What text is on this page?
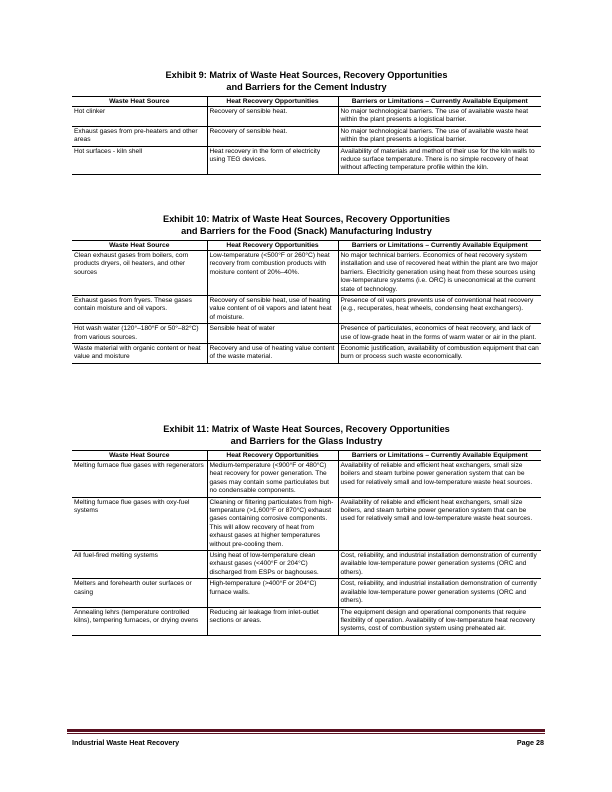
Exhibit 9: Matrix of Waste Heat Sources, Recovery Opportunities
and Barriers for the Cement Industry
Waste Heat Source	Heat Recovery Opportunities	Barriers or Limitations – Currently Available Equipment
Hot clinker	Recovery of sensible heat.	No major technological barriers. The use of available waste heat within the plant presents a logistical barrier.
Exhaust gases from pre-heaters and other areas	Recovery of sensible heat.	No major technological barriers. The use of available waste heat within the plant presents a logistical barrier.
Hot surfaces - kiln shell	Heat recovery in the form of electricity using TEG devices.	Availability of materials and method of their use for the kiln walls to reduce surface temperature. There is no simple recovery of heat without affecting temperature profile within the kiln.
Exhibit 10: Matrix of Waste Heat Sources, Recovery Opportunities
and Barriers for the Food (Snack) Manufacturing Industry
Waste Heat Source	Heat Recovery Opportunities	Barriers or Limitations – Currently Available Equipment
Clean exhaust gases from boilers, corn products dryers, oil heaters, and other sources	Low-temperature (<500°F or 260°C) heat recovery from combustion products with moisture content of 20%–40%.	No major technical barriers. Economics of heat recovery system installation and use of recovered heat within the plant are two major barriers. Electricity generation using heat from these sources using low-temperature systems (i.e. ORC) is uneconomical at the current state of technology.
Exhaust gases from fryers. These gases contain moisture and oil vapors.	Recovery of sensible heat, use of heating value content of oil vapors and latent heat of moisture.	Presence of oil vapors prevents use of conventional heat recovery (e.g., recuperates, heat wheels, condensing heat exchangers).
Hot wash water (120°–180°F or 50°–82°C) from various sources.	Sensible heat of water	Presence of particulates, economics of heat recovery, and lack of use of low-grade heat in the forms of warm water or air in the plant.
Waste material with organic content or heat value and moisture	Recovery and use of heating value content of the waste material.	Economic justification, availability of combustion equipment that can burn or process such waste economically.
Exhibit 11: Matrix of Waste Heat Sources, Recovery Opportunities
and Barriers for the Glass Industry
Waste Heat Source	Heat Recovery Opportunities	Barriers or Limitations – Currently Available Equipment
Melting furnace flue gases with regenerators	Medium-temperature (<900°F or 480°C) heat recovery for power generation. The gases may contain some particulates but no condensable components.	Availability of reliable and efficient heat exchangers, small size boilers and steam turbine power generation system that can be used for relatively small and low-temperature waste heat sources.
Melting furnace flue gases with oxy-fuel systems	Cleaning or filtering particulates from high-temperature (>1,600°F or 870°C) exhaust gases containing corrosive components. This will allow recovery of heat from exhaust gases at higher temperatures without pre-cooling them.	Availability of reliable and efficient heat exchangers, small size boilers, and steam turbine power generation system that can be used for relatively small and low-temperature waste heat sources.
All fuel-fired melting systems	Using heat of low-temperature clean exhaust gases (<400°F or 204°C) discharged from ESPs or baghouses.	Cost, reliability, and industrial installation demonstration of currently available low-temperature power generation systems (ORC and others).
Melters and forehearth outer surfaces or casing	High-temperature (>400°F or 204°C) furnace walls.	Cost, reliability, and industrial installation demonstration of currently available low-temperature power generation systems (ORC and others).
Annealing lehrs (temperature controlled kilns), tempering furnaces, or drying ovens	Reducing air leakage from inlet-outlet sections or areas.	The equipment design and operational components that require flexibility of operation. Availability of low-temperature heat recovery systems, cost of combustion system using preheated air.
Industrial Waste Heat Recovery	Page 28
